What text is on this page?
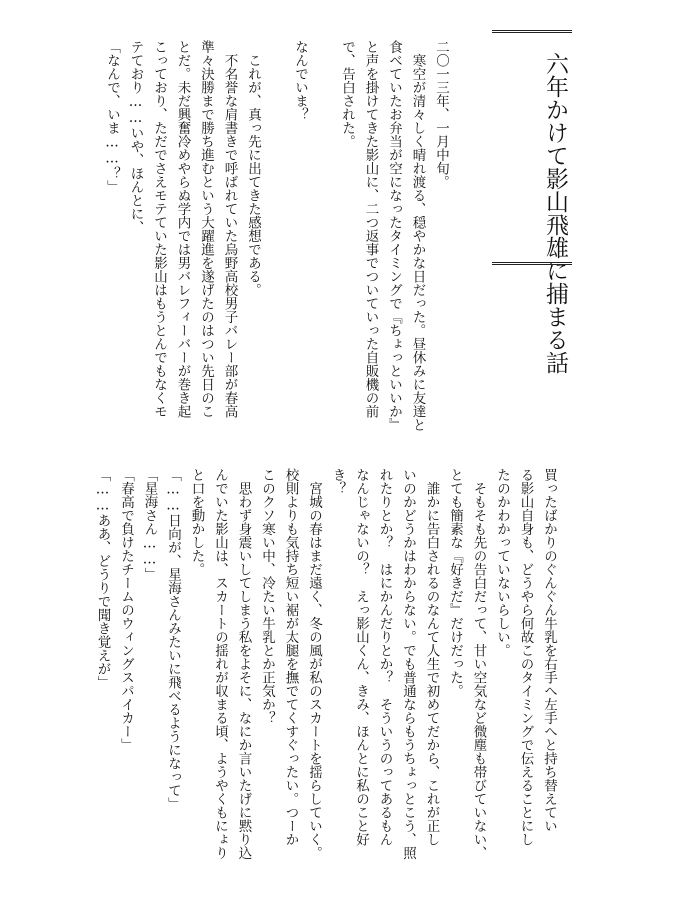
六年かけて
影山飛雄に捕まる話
二〇一三年、一月中旬。
　寒空が清々しく晴れ渡る、穏やかな日だった。昼休みに友達と
食べていたお弁当が空になったタイミングで『ちょっといいか』
と声を掛けてきた影山に、二つ返事でついていった自販機の前
で、告白された。

なんでいま？

　これが、真っ先に出てきた感想である。
　不名誉な肩書きで呼ばれていた烏野高校男子バレー部が春高
準々決勝まで勝ち進むという大躍進を遂げたのはつい先日のこ
とだ。未だ興奮冷めやらぬ学内では男バレフィーバーが巻き起
こっており、ただでさえモテていた影山はもうとんでもなくモ
テており……いや、ほんとに、
「なんで、いま……？」
買ったばかりのぐんぐん牛乳を右手へ左手へと持ち替えてい
る影山自身も、どうやら何故このタイミングで伝えることにし
たのかわかっていないらしい。
　そもそも先の告白だって、甘い空気など微塵も帯びていない、
とても簡素な『好きだ』だけだった。
　誰かに告白されるのなんて人生で初めてだから、これが正し
いのかどうかはわからない。でも普通ならもうちょっとこう、照
れたりとか？　はにかんだりとか？　そういうのってあるもん
なんじゃないの？　えっ影山くん、きみ、ほんとに私のこと好
き？
　宮城の春はまだ遠く、冬の風が私のスカートを揺らしていく。
校則よりも気持ち短い裾が太腿を撫でてくすぐったい。つーか
このクソ寒い中、冷たい牛乳とか正気か？
　思わず身震いしてしまう私をよそに、なにか言いたげに黙り込
んでいた影山は、スカートの揺れが収まる頃、ようやくもにょり
と口を動かした。
「……日向が、星海さんみたいに飛べるようになって」
「星海さん……」
「春高で負けたチームのウィングスパイカー」
「……ああ、どうりで聞き覚えが」
